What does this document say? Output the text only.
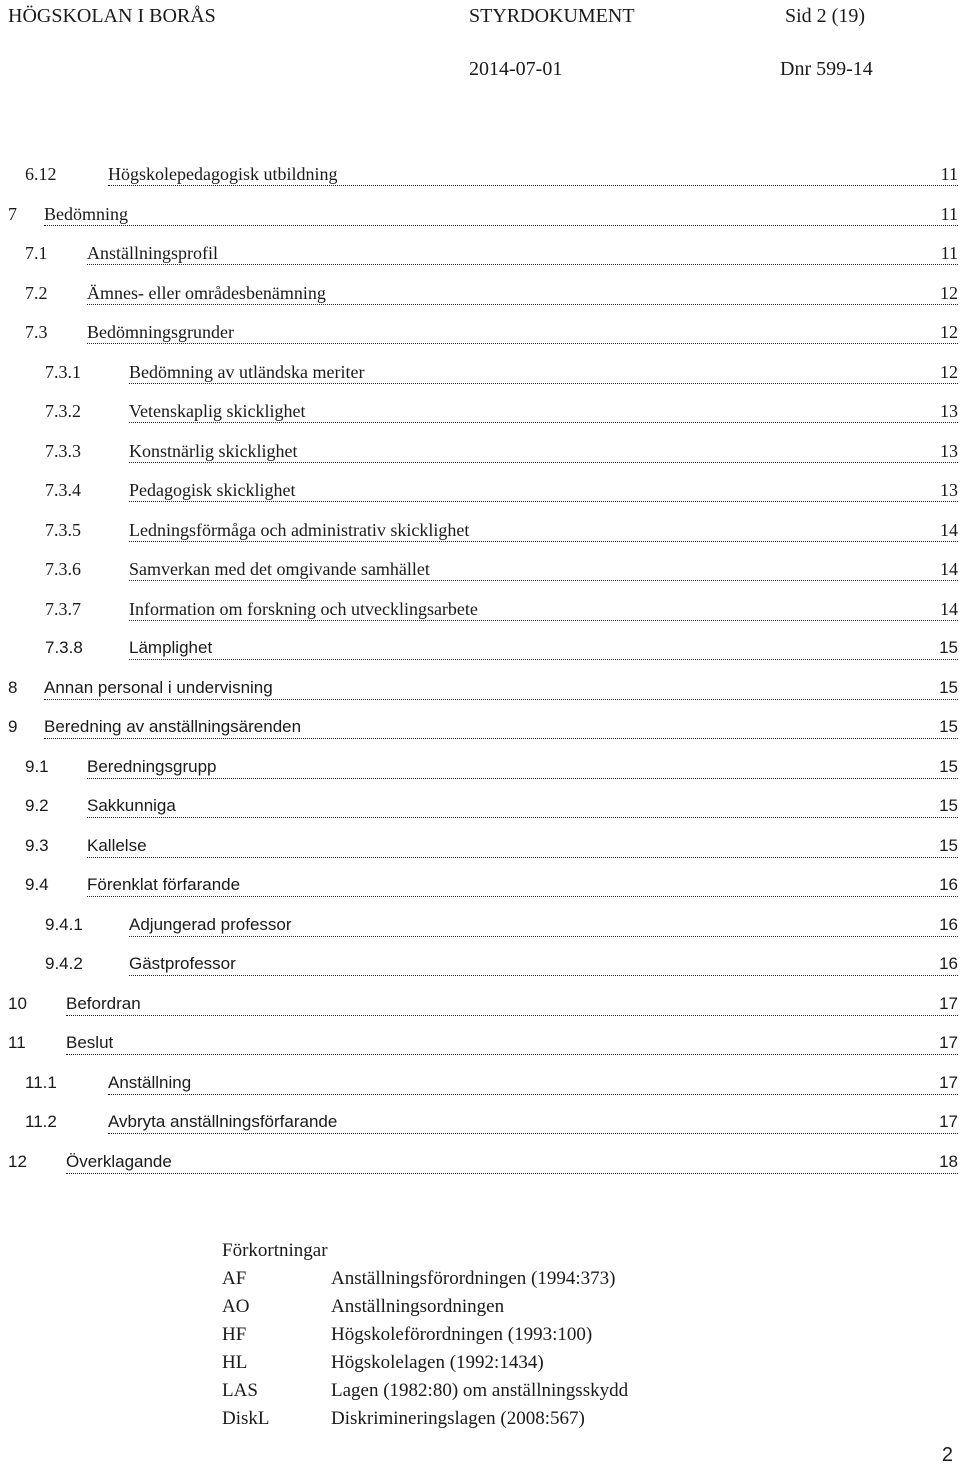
HÖGSKOLAN I BORÅS	STYRDOKUMENT	Sid 2 (19)
2014-07-01	Dnr 599-14
6.12	Högskolepedagogisk utbildning	11
7 Bedömning	11
7.1 Anställningsprofil	11
7.2 Ämnes- eller områdesbenämning	12
7.3 Bedömningsgrunder	12
7.3.1	Bedömning av utländska meriter	12
7.3.2	Vetenskaplig skicklighet	13
7.3.3	Konstnärlig skicklighet	13
7.3.4	Pedagogisk skicklighet	13
7.3.5	Ledningsförmåga och administrativ skicklighet	14
7.3.6	Samverkan med det omgivande samhället	14
7.3.7	Information om forskning och utvecklingsarbete	14
7.3.8	Lämplighet	15
8 Annan personal i undervisning	15
9 Beredning av anställningsärenden	15
9.1 Beredningsgrupp	15
9.2 Sakkunniga	15
9.3 Kallelse	15
9.4 Förenklat förfarande	16
9.4.1	Adjungerad professor	16
9.4.2	Gästprofessor	16
10 Befordran	17
11 Beslut	17
11.1	Anställning	17
11.2	Avbryta anställningsförfarande	17
12 Överklagande	18
Förkortningar
AF	Anställningsförordningen (1994:373)
AO	Anställningsordningen
HF	Högskoleförordningen (1993:100)
HL	Högskolelagen (1992:1434)
LAS	Lagen (1982:80) om anställningsskydd
DiskL	Diskrimineringslagen (2008:567)
2
